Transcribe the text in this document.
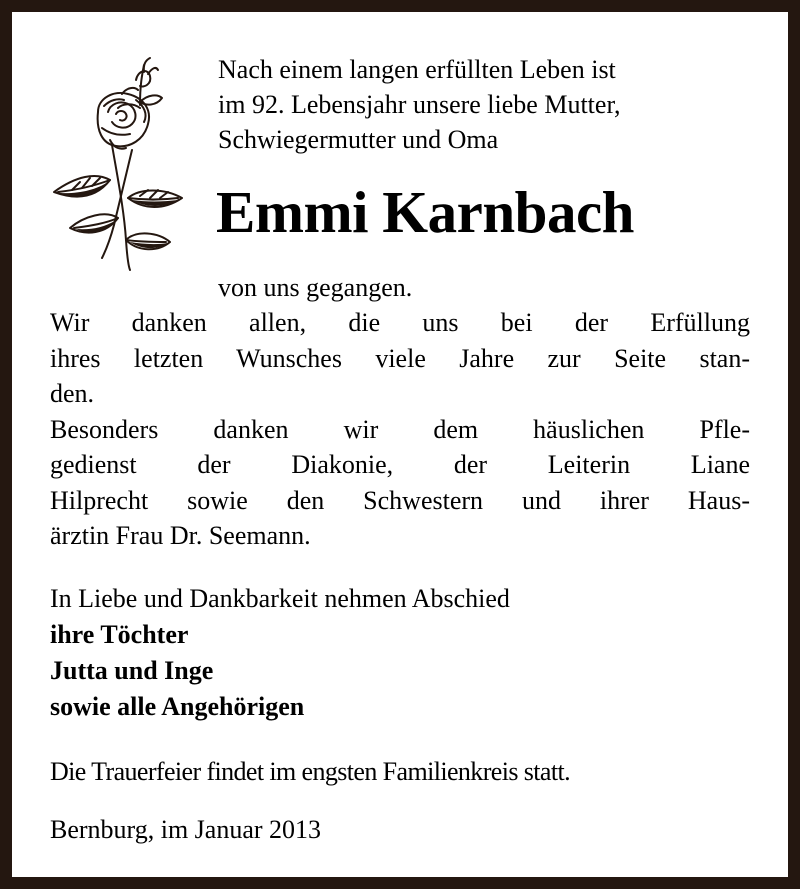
Nach einem langen erfüllten Leben ist
im 92. Lebensjahr unsere liebe Mutter,
Schwiegermutter und Oma
Emmi Karnbach
von uns gegangen.
Wir danken allen, die uns bei der Erfüllung
ihres letzten Wunsches viele Jahre zur Seite stan-
den.
Besonders danken wir dem häuslichen Pfle-
gedienst der Diakonie, der Leiterin Liane
Hilprecht sowie den Schwestern und ihrer Haus-
ärztin Frau Dr. Seemann.
In Liebe und Dankbarkeit nehmen Abschied
ihre Töchter
Jutta und Inge
sowie alle Angehörigen
Die Trauerfeier findet im engsten Familienkreis statt.
Bernburg, im Januar 2013
